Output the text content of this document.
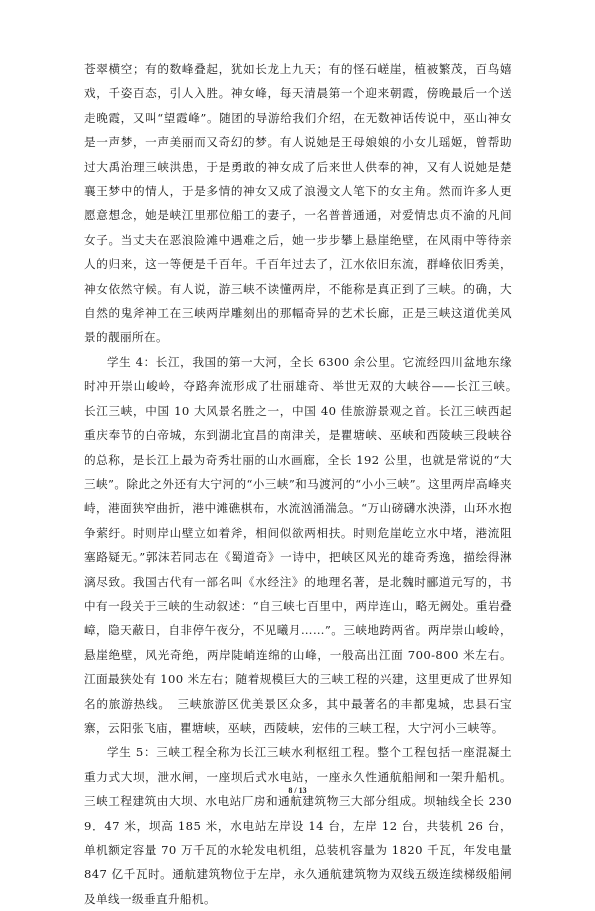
苍翠横空；有的数峰叠起，犹如长龙上九天；有的怪石嵯崖，植被繁茂，百鸟嬉戏，千姿百态，引人入胜。神女峰，每天清晨第一个迎来朝霞，傍晚最后一个送走晚霞，又叫“望霞峰”。随团的导游给我们介绍，在无数神话传说中，巫山神女是一声梦，一声美丽而又奇幻的梦。有人说她是王母娘娘的小女儿瑶姬，曾帮助过大禹治理三峡洪患，于是勇敢的神女成了后来世人供奉的神，又有人说她是楚襄王梦中的情人，于是多情的神女又成了浪漫文人笔下的女主角。然而许多人更愿意想念，她是峡江里那位船工的妻子，一名普普通通，对爱情忠贞不渝的凡间女子。当丈夫在恶浪险滩中遇难之后，她一步步攀上悬崖绝壁，在风雨中等待亲人的归来，这一等便是千百年。千百年过去了，江水依旧东流，群峰依旧秀美，神女依然守候。有人说，游三峡不读懂两岸，不能称是真正到了三峡。的确，大自然的鬼斧神工在三峡两岸雕刻出的那幅奇异的艺术长廊，正是三峡这道优美风景的靓丽所在。

学生 4：长江，我国的第一大河，全长 6300 余公里。它流经四川盆地东缘时冲开崇山峻岭，夺路奔流形成了壮丽雄奇、举世无双的大峡谷——长江三峡。　长江三峡，中国 10 大风景名胜之一，中国 40 佳旅游景观之首。长江三峡西起重庆奉节的白帝城，东到湖北宜昌的南津关，是瞿塘峡、巫峡和西陵峡三段峡谷的总称，是长江上最为奇秀壮丽的山水画廊，全长 192 公里，也就是常说的“大三峡”。除此之外还有大宁河的“小三峡”和马渡河的“小小三峡”。这里两岸高峰夹峙，港面狭窄曲折，港中滩礁棋布，水流汹涌湍急。“万山磅礴水泱漭，山环水抱争萦纡。时则岸山壁立如着斧，相间似欲两相扶。时则危崖屹立水中堵，港流阻塞路疑无。”郭沫若同志在《蜀道奇》一诗中，把峡区风光的雄奇秀逸，描绘得淋漓尽致。我国古代有一部名叫《水经注》的地理名著，是北魏时郦道元写的，书中有一段关于三峡的生动叙述：“自三峡七百里中，两岸连山，略无阙处。重岩叠嶂，隐天蔽日，自非停午夜分，不见曦月……”。三峡地跨两省。两岸崇山峻岭，悬崖绝壁，风光奇绝，两岸陡峭连绵的山峰，一般高出江面 700-800 米左右。江面最狭处有 100 米左右；随着规模巨大的三峡工程的兴建，这里更成了世界知名的旅游热线。　三峡旅游区优美景区众多，其中最著名的丰都鬼城，忠县石宝寨，云阳张飞庙，瞿塘峡，巫峡，西陵峡，宏伟的三峡工程，大宁河小三峡等。

学生 5：三峡工程全称为长江三峡水利枢纽工程。整个工程包括一座混凝土重力式大坝，泄水闸，一座坝后式水电站，一座永久性通航船闸和一架升船机。三峡工程建筑由大坝、水电站厂房和通航建筑物三大部分组成。坝轴线全长 2309．47 米，坝高 185 米，水电站左岸设 14 台，左岸 12 台，共装机 26 台，单机额定容量 70 万千瓦的水轮发电机组，总装机容量为 1820 千瓦，年发电量 847 亿千瓦时。通航建筑物位于左岸，永久通航建筑物为双线五级连续梯级船闸及单线一级垂直升船机。

8 / 13
